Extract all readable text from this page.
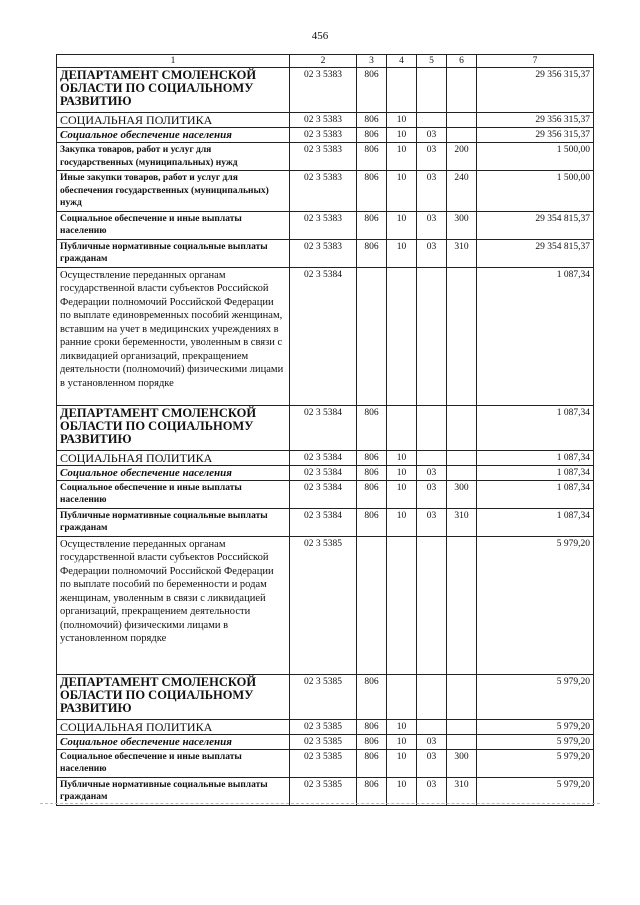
456
1	2	3	4	5	6	7
ДЕПАРТАМЕНТ СМОЛЕНСКОЙ ОБЛАСТИ ПО СОЦИАЛЬНОМУ РАЗВИТИЮ	02 3 5383	806				29 356 315,37
СОЦИАЛЬНАЯ ПОЛИТИКА	02 3 5383	806	10			29 356 315,37
Социальное обеспечение населения	02 3 5383	806	10	03		29 356 315,37
Закупка товаров, работ и услуг для государственных (муниципальных) нужд	02 3 5383	806	10	03	200	1 500,00
Иные закупки товаров, работ и услуг для обеспечения государственных (муниципальных) нужд	02 3 5383	806	10	03	240	1 500,00
Социальное обеспечение и иные выплаты населению	02 3 5383	806	10	03	300	29 354 815,37
Публичные нормативные социальные выплаты гражданам	02 3 5383	806	10	03	310	29 354 815,37
Осуществление переданных органам государственной власти субъектов Российской Федерации полномочий Российской Федерации по выплате единовременных пособий женщинам, вставшим на учет в медицинских учреждениях в ранние сроки беременности, уволенным в связи с ликвидацией организаций, прекращением деятельности (полномочий) физическими лицами в установленном порядке	02 3 5384					1 087,34
ДЕПАРТАМЕНТ СМОЛЕНСКОЙ ОБЛАСТИ ПО СОЦИАЛЬНОМУ РАЗВИТИЮ	02 3 5384	806				1 087,34
СОЦИАЛЬНАЯ ПОЛИТИКА	02 3 5384	806	10			1 087,34
Социальное обеспечение населения	02 3 5384	806	10	03		1 087,34
Социальное обеспечение и иные выплаты населению	02 3 5384	806	10	03	300	1 087,34
Публичные нормативные социальные выплаты гражданам	02 3 5384	806	10	03	310	1 087,34
Осуществление переданных органам государственной власти субъектов Российской Федерации полномочий Российской Федерации по выплате пособий по беременности и родам женщинам, уволенным в связи с ликвидацией организаций, прекращением деятельности (полномочий) физическими лицами в установленном порядке	02 3 5385					5 979,20
ДЕПАРТАМЕНТ СМОЛЕНСКОЙ ОБЛАСТИ ПО СОЦИАЛЬНОМУ РАЗВИТИЮ	02 3 5385	806				5 979,20
СОЦИАЛЬНАЯ ПОЛИТИКА	02 3 5385	806	10			5 979,20
Социальное обеспечение населения	02 3 5385	806	10	03		5 979,20
Социальное обеспечение и иные выплаты населению	02 3 5385	806	10	03	300	5 979,20
Публичные нормативные социальные выплаты гражданам	02 3 5385	806	10	03	310	5 979,20
